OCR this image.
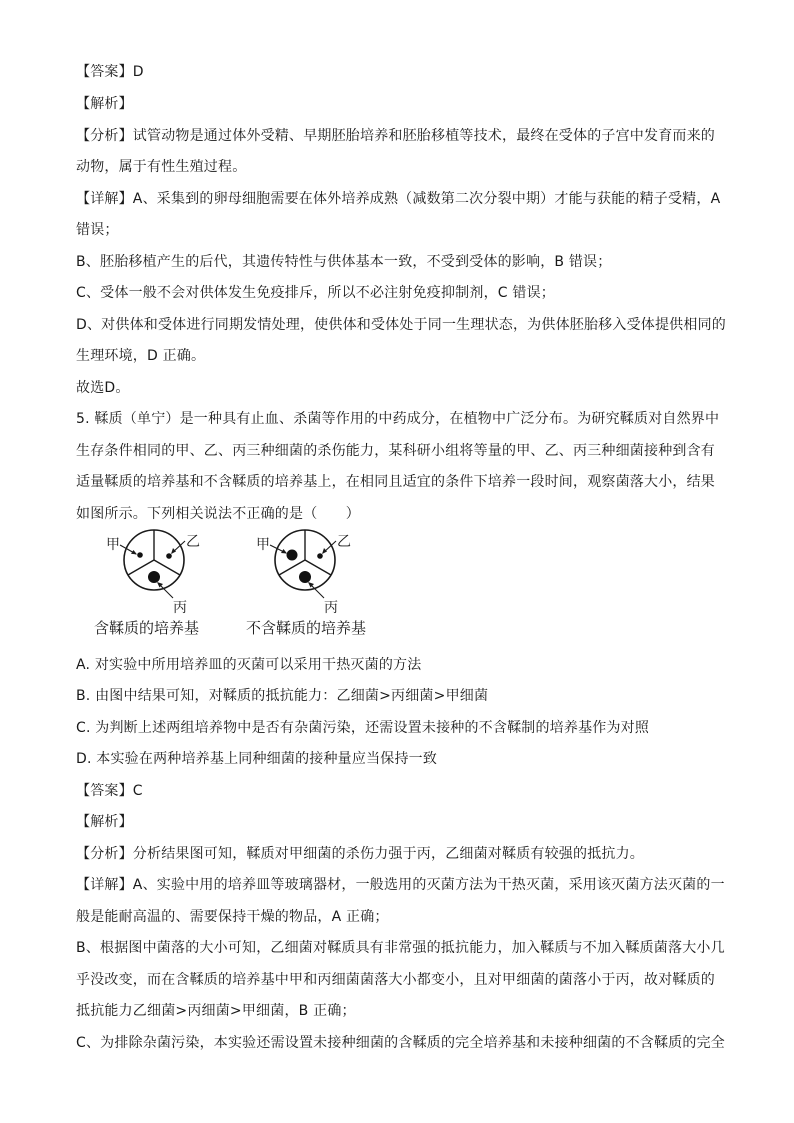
【答案】D
【解析】
【分析】试管动物是通过体外受精、早期胚胎培养和胚胎移植等技术，最终在受体的子宫中发育而来的
动物，属于有性生殖过程。
【详解】A、采集到的卵母细胞需要在体外培养成熟（减数第二次分裂中期）才能与获能的精子受精，A
错误；
B、胚胎移植产生的后代，其遗传特性与供体基本一致，不受到受体的影响，B 错误；
C、受体一般不会对供体发生免疫排斥，所以不必注射免疫抑制剂，C 错误；
D、对供体和受体进行同期发情处理，使供体和受体处于同一生理状态，为供体胚胎移入受体提供相同的
生理环境，D 正确。
故选D。
5. 鞣质（单宁）是一种具有止血、杀菌等作用的中药成分，在植物中广泛分布。为研究鞣质对自然界中
生存条件相同的甲、乙、丙三种细菌的杀伤能力，某科研小组将等量的甲、乙、丙三种细菌接种到含有
适量鞣质的培养基和不含鞣质的培养基上，在相同且适宜的条件下培养一段时间，观察菌落大小，结果
如图所示。下列相关说法不正确的是（　　）
甲	乙
丙
含鞣质的培养基
甲	乙
丙
不含鞣质的培养基
A. 对实验中所用培养皿的灭菌可以采用干热灭菌的方法
B. 由图中结果可知，对鞣质的抵抗能力：乙细菌>丙细菌>甲细菌
C. 为判断上述两组培养物中是否有杂菌污染，还需设置未接种的不含鞣制的培养基作为对照
D. 本实验在两种培养基上同种细菌的接种量应当保持一致
【答案】C
【解析】
【分析】分析结果图可知，鞣质对甲细菌的杀伤力强于丙，乙细菌对鞣质有较强的抵抗力。
【详解】A、实验中用的培养皿等玻璃器材，一般选用的灭菌方法为干热灭菌，采用该灭菌方法灭菌的一
般是能耐高温的、需要保持干燥的物品，A 正确；
B、根据图中菌落的大小可知，乙细菌对鞣质具有非常强的抵抗能力，加入鞣质与不加入鞣质菌落大小几
乎没改变，而在含鞣质的培养基中甲和丙细菌菌落大小都变小，且对甲细菌的菌落小于丙，故对鞣质的
抵抗能力乙细菌>丙细菌>甲细菌，B 正确；
C、为排除杂菌污染，本实验还需设置未接种细菌的含鞣质的完全培养基和未接种细菌的不含鞣质的完全
